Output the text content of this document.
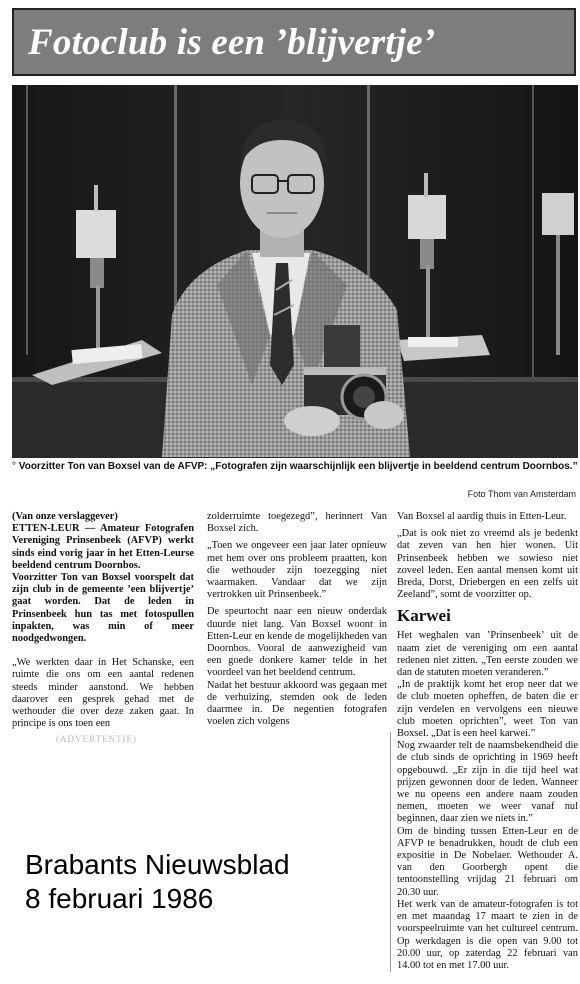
Fotoclub is een ’blijvertje’
° Voorzitter Ton van Boxsel van de AFVP: „Fotografen zijn waarschijnlijk een blijvertje in beeldend centrum Doornbos.”
Foto Thom van Amsterdam

(Van onze verslaggever)

ETTEN-LEUR — Amateur Fotografen Vereniging Prinsenbeek (AFVP) werkt sinds eind vorig jaar in het Etten-Leurse beeldend centrum Doornbos.

Voorzitter Ton van Boxsel voorspelt dat zijn club in de gemeente ’een blijvertje’ gaat worden. Dat de leden in Prinsenbeek hun tas met fotospullen inpakten, was min of meer noodgedwongen.

„We werkten daar in Het Schanske, een ruimte die ons om een aantal redenen steeds minder aanstond. We hebben daarover een gesprek gehad met de wethouder die over deze zaken gaat. In principe is ons toen een

zolderruimte toegezegd”, herinnert Van Boxsel zich.

„Toen we ongeveer een jaar later opnieuw met hem over ons probleem praatten, kon die wethouder zijn toezegging niet waarmaken. Vandaar dat we zijn vertrokken uit Prinsenbeek.”

De speurtocht naar een nieuw onderdak duurde niet lang. Van Boxsel woont in Etten-Leur en kende de mogelijkheden van Doornbos. Vooral de aanwezigheid van een goede donkere kamer telde in het voordeel van het beeldend centrum.

Nadat het bestuur akkoord was gegaan met de verhuizing, stemden ook de leden daarmee in. De negentien fotografen voelen zich volgens

Van Boxsel al aardig thuis in Etten-Leur.

„Dat is ook niet zo vreemd als je bedenkt dat zeven van hen hier wonen. Uit Prinsenbeek hebben we sowieso niet zoveel leden. Een aantal mensen komt uit Breda, Dorst, Driebergen en een zelfs uit Zeeland”, somt de voorzitter op.

Karwei

Het weghalen van ’Prinsenbeek’ uit de naam ziet de vereniging om een aantal redenen niet zitten. „Ten eerste zouden we dan de statuten moeten veranderen.”

„In de praktijk komt het erop neer dat we de club moeten opheffen, de baten die er zijn verdelen en vervolgens een nieuwe club moeten oprichten”, weet Ton van Boxsel. „Dat is een heel karwei.”

Nog zwaarder telt de naamsbekendheid die de club sinds de oprichting in 1969 heeft opgebouwd. „Er zijn in die tijd heel wat prijzen gewonnen door de leden. Wanneer we nu opeens een andere naam zouden nemen, moeten we weer vanaf nul beginnen, daar zien we niets in.”

Om de binding tussen Etten-Leur en de AFVP te benadrukken, houdt de club een expositie in De Nobelaer. Wethouder A. van den Goorbergh opent die tentoonstelling vrijdag 21 februari om 20.30 uur.

Het werk van de amateur-fotografen is tot en met maandag 17 maart te zien in de voorspeelruimte van het cultureel centrum. Op werkdagen is die open van 9.00 tot 20.00 uur, op zaterdag 22 februari van 14.00 tot en met 17.00 uur.

(ADVERTENTIE)
Brabants Nieuwsblad
8 februari 1986
